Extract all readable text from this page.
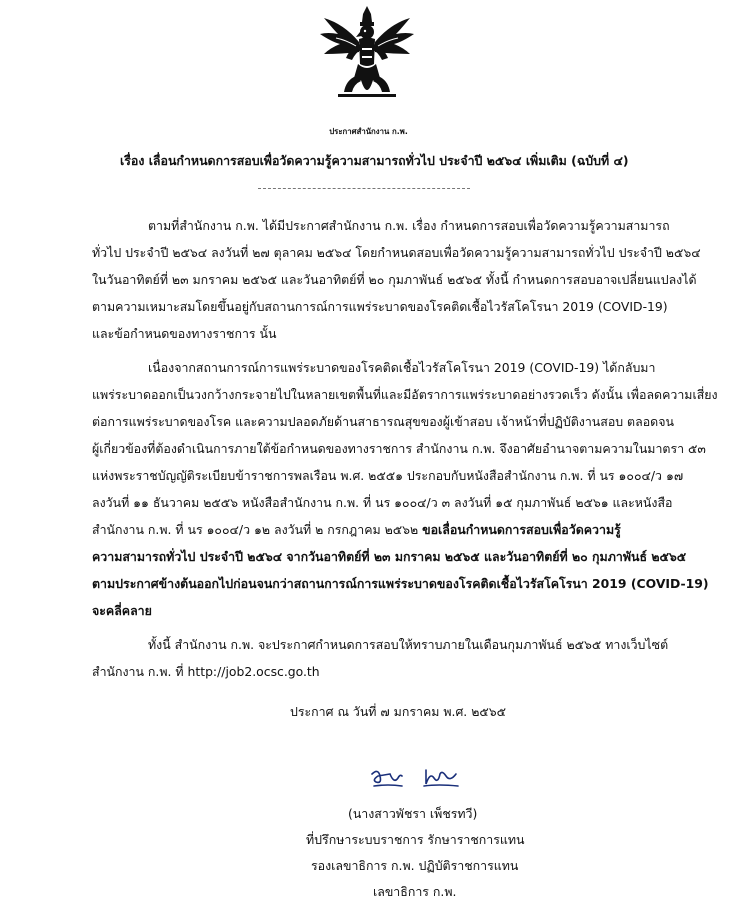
ประกาศสำนักงาน ก.พ.
เรื่อง เลื่อนกำหนดการสอบเพื่อวัดความรู้ความสามารถทั่วไป ประจำปี ๒๕๖๔ เพิ่มเติม (ฉบับที่ ๔)
ตามที่สำนักงาน ก.พ. ได้มีประกาศสำนักงาน ก.พ. เรื่อง กำหนดการสอบเพื่อวัดความรู้ความสามารถ
ทั่วไป ประจำปี ๒๕๖๔ ลงวันที่ ๒๗ ตุลาคม ๒๕๖๔ โดยกำหนดสอบเพื่อวัดความรู้ความสามารถทั่วไป ประจำปี ๒๕๖๔
ในวันอาทิตย์ที่ ๒๓ มกราคม ๒๕๖๕ และวันอาทิตย์ที่ ๒๐ กุมภาพันธ์ ๒๕๖๕ ทั้งนี้ กำหนดการสอบอาจเปลี่ยนแปลงได้
ตามความเหมาะสมโดยขึ้นอยู่กับสถานการณ์การแพร่ระบาดของโรคติดเชื้อไวรัสโคโรนา 2019 (COVID-19)
และข้อกำหนดของทางราชการ นั้น
เนื่องจากสถานการณ์การแพร่ระบาดของโรคติดเชื้อไวรัสโคโรนา 2019 (COVID-19) ได้กลับมา
แพร่ระบาดออกเป็นวงกว้างกระจายไปในหลายเขตพื้นที่และมีอัตราการแพร่ระบาดอย่างรวดเร็ว ดังนั้น เพื่อลดความเสี่ยง
ต่อการแพร่ระบาดของโรค และความปลอดภัยด้านสาธารณสุขของผู้เข้าสอบ เจ้าหน้าที่ปฏิบัติงานสอบ ตลอดจน
ผู้เกี่ยวข้องที่ต้องดำเนินการภายใต้ข้อกำหนดของทางราชการ สำนักงาน ก.พ. จึงอาศัยอำนาจตามความในมาตรา ๕๓
แห่งพระราชบัญญัติระเบียบข้าราชการพลเรือน พ.ศ. ๒๕๕๑ ประกอบกับหนังสือสำนักงาน ก.พ. ที่ นร ๑๐๐๔/ว ๑๗
ลงวันที่ ๑๑ ธันวาคม ๒๕๕๖ หนังสือสำนักงาน ก.พ. ที่ นร ๑๐๐๔/ว ๓ ลงวันที่ ๑๕ กุมภาพันธ์ ๒๕๖๑ และหนังสือ
สำนักงาน ก.พ. ที่ นร ๑๐๐๔/ว ๑๒ ลงวันที่ ๒ กรกฎาคม ๒๕๖๒ ขอเลื่อนกำหนดการสอบเพื่อวัดความรู้
ความสามารถทั่วไป ประจำปี ๒๕๖๔ จากวันอาทิตย์ที่ ๒๓ มกราคม ๒๕๖๕ และวันอาทิตย์ที่ ๒๐ กุมภาพันธ์ ๒๕๖๕
ตามประกาศข้างต้นออกไปก่อนจนกว่าสถานการณ์การแพร่ระบาดของโรคติดเชื้อไวรัสโคโรนา 2019 (COVID-19)
จะคลี่คลาย
ทั้งนี้ สำนักงาน ก.พ. จะประกาศกำหนดการสอบให้ทราบภายในเดือนกุมภาพันธ์ ๒๕๖๕ ทางเว็บไซต์
สำนักงาน ก.พ. ที่ http://job2.ocsc.go.th
ประกาศ ณ วันที่ ๗ มกราคม พ.ศ. ๒๕๖๕
(นางสาวพัชรา เพ็ชรทวี)
ที่ปรึกษาระบบราชการ รักษาราชการแทน
รองเลขาธิการ ก.พ. ปฏิบัติราชการแทน
เลขาธิการ ก.พ.
